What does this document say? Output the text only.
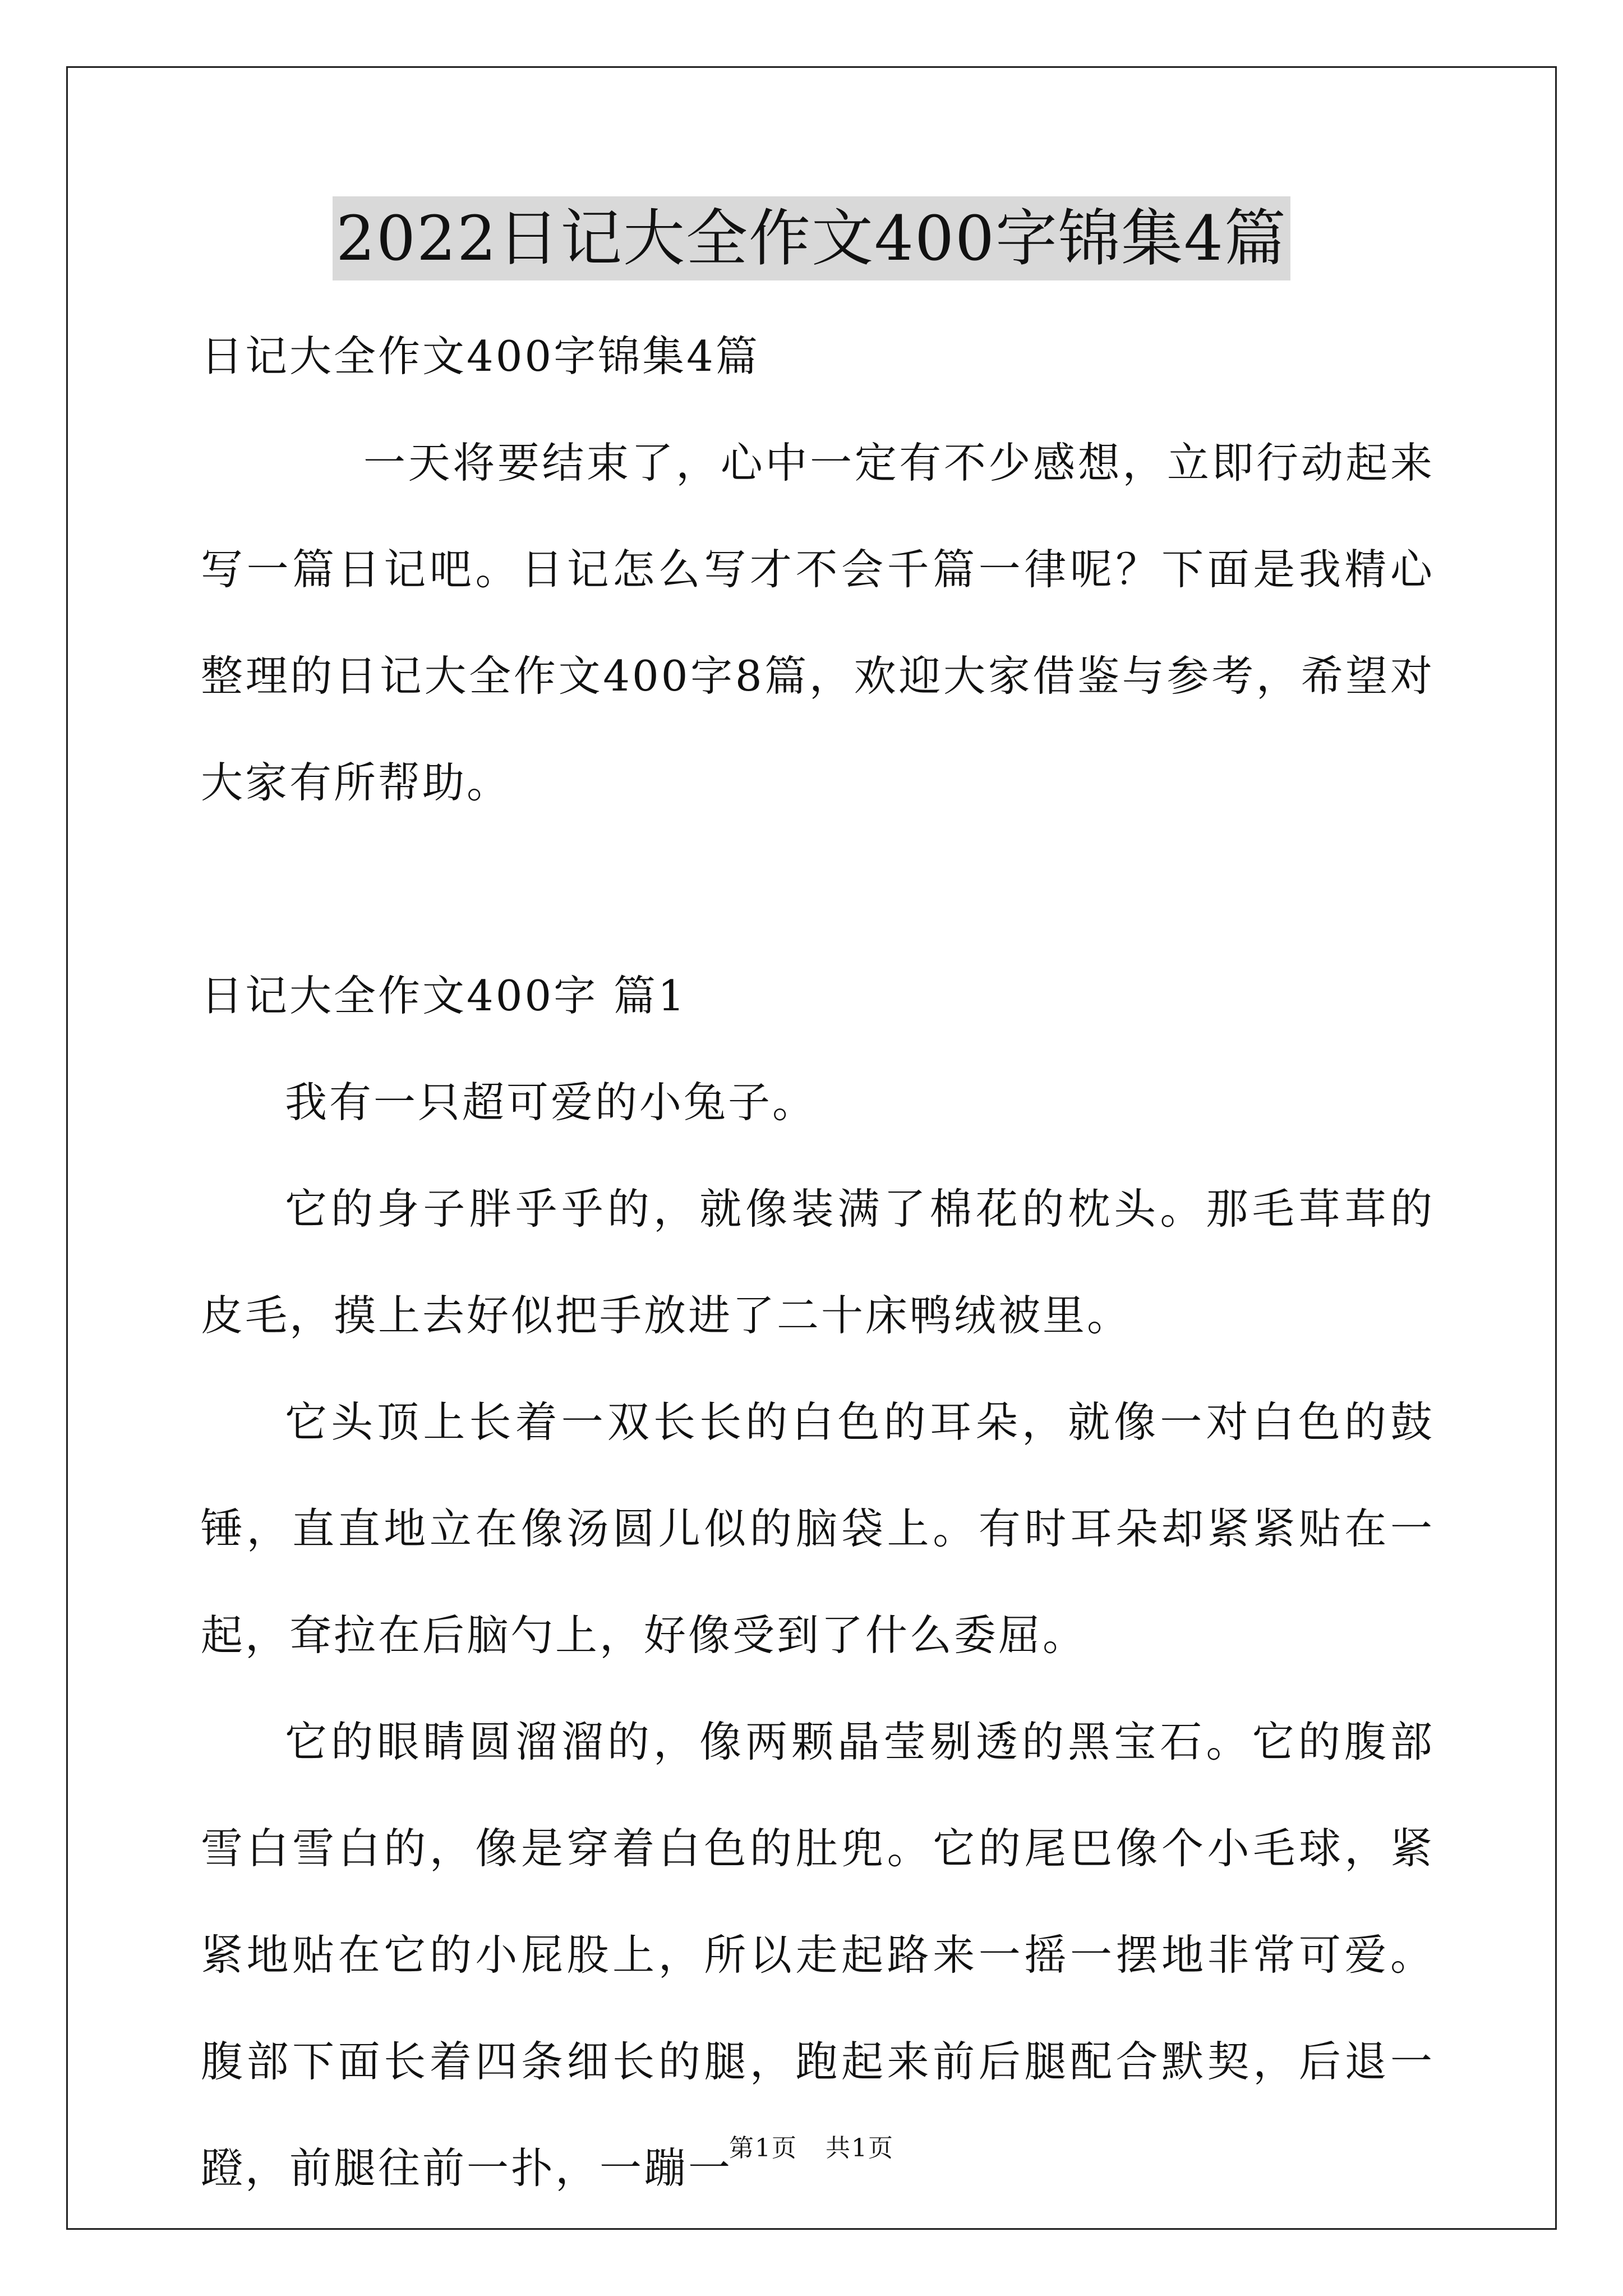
2022日记大全作文400字锦集4篇

日记大全作文400字锦集4篇

一天将要结束了，心中一定有不少感想，立即行动起来写一篇日记吧。日记怎么写才不会千篇一律呢？下面是我精心整理的日记大全作文400字8篇，欢迎大家借鉴与参考，希望对大家有所帮助。

日记大全作文400字 篇1

我有一只超可爱的小兔子。

它的身子胖乎乎的，就像装满了棉花的枕头。那毛茸茸的皮毛，摸上去好似把手放进了二十床鸭绒被里。

它头顶上长着一双长长的白色的耳朵，就像一对白色的鼓锤，直直地立在像汤圆儿似的脑袋上。有时耳朵却紧紧贴在一起，耷拉在后脑勺上，好像受到了什么委屈。

它的眼睛圆溜溜的，像两颗晶莹剔透的黑宝石。它的腹部雪白雪白的，像是穿着白色的肚兜。它的尾巴像个小毛球，紧紧地贴在它的小屁股上，所以走起路来一摇一摆地非常可爱。腹部下面长着四条细长的腿，跑起来前后腿配合默契，后退一蹬，前腿往前一扑，一蹦一

第1页 共1页
